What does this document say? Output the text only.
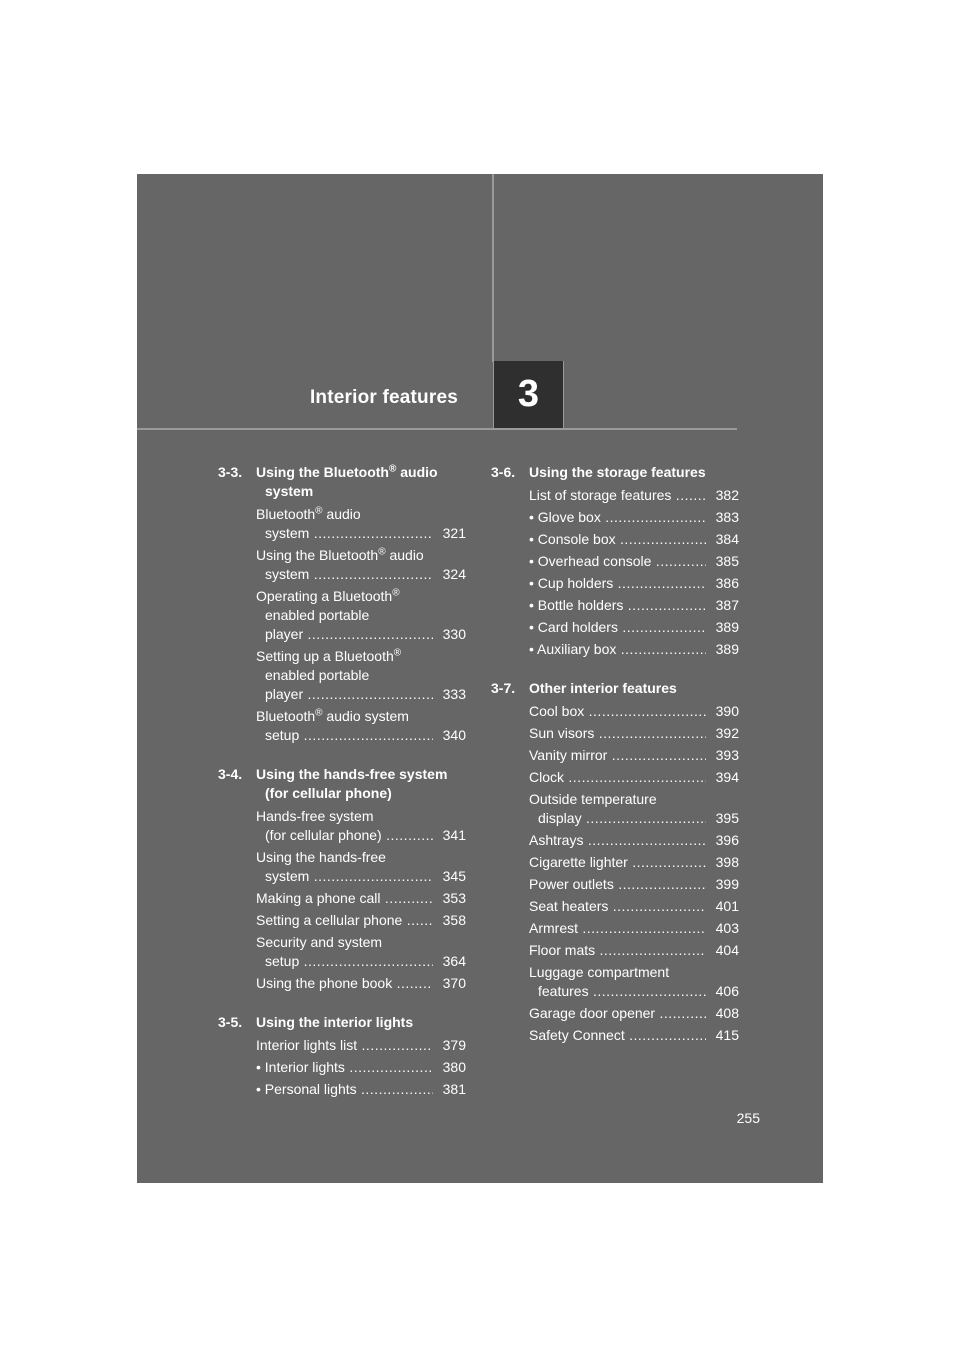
Interior features	3
3-3. Using the Bluetooth® audio system
Bluetooth® audio
system .....	321
Using the Bluetooth® audio
system .....	324
Operating a Bluetooth®
enabled portable
player .....	330
Setting up a Bluetooth®
enabled portable
player .....	333
Bluetooth® audio system
setup .....	340
3-4. Using the hands-free system (for cellular phone)
Hands-free system
(for cellular phone) .....	341
Using the hands-free
system .....	345
Making a phone call .....	353
Setting a cellular phone .....	358
Security and system
setup .....	364
Using the phone book .....	370
3-5. Using the interior lights
Interior lights list .....	379
• Interior lights .....	380
• Personal lights .....	381
3-6. Using the storage features
List of storage features .....	382
• Glove box .....	383
• Console box .....	384
• Overhead console .....	385
• Cup holders .....	386
• Bottle holders .....	387
• Card holders .....	389
• Auxiliary box .....	389
3-7. Other interior features
Cool box .....	390
Sun visors .....	392
Vanity mirror .....	393
Clock .....	394
Outside temperature
display .....	395
Ashtrays .....	396
Cigarette lighter .....	398
Power outlets .....	399
Seat heaters .....	401
Armrest .....	403
Floor mats .....	404
Luggage compartment
features .....	406
Garage door opener .....	408
Safety Connect .....	415
255
